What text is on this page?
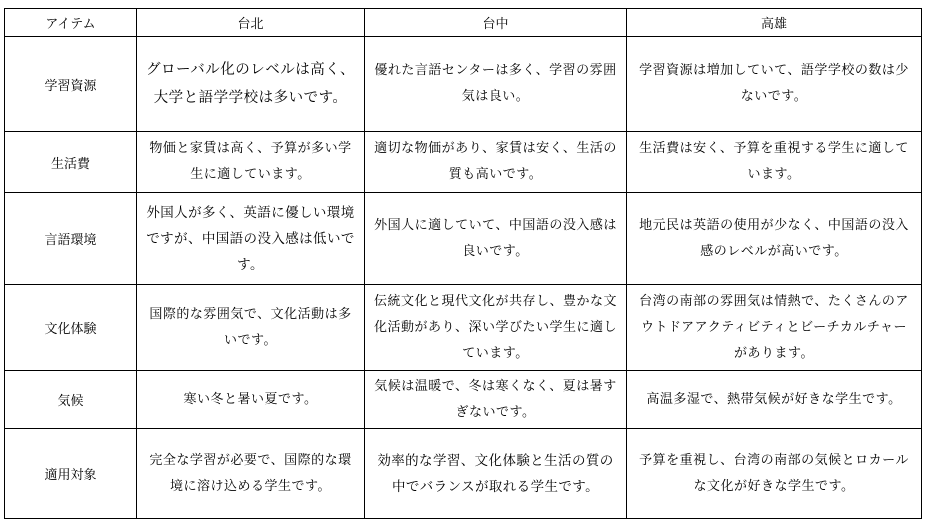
アイテム	台北	台中	高雄
学習資源	グローバル化のレベルは高く、大学と語学学校は多いです。	優れた言語センターは多く、学習の雰囲気は良い。	学習資源は増加していて、語学学校の数は少ないです。
生活費	物価と家賃は高く、予算が多い学生に適しています。	適切な物価があり、家賃は安く、生活の質も高いです。	生活費は安く、予算を重視する学生に適しています。
言語環境	外国人が多く、英語に優しい環境ですが、中国語の没入感は低いです。	外国人に適していて、中国語の没入感は良いです。	地元民は英語の使用が少なく、中国語の没入感のレベルが高いです。
文化体験	国際的な雰囲気で、文化活動は多いです。	伝統文化と現代文化が共存し、豊かな文化活動があり、深い学びたい学生に適しています。	台湾の南部の雰囲気は情熱で、たくさんのアウトドアアクティビティとビーチカルチャーがあります。
気候	寒い冬と暑い夏です。	気候は温暖で、冬は寒くなく、夏は暑すぎないです。	高温多湿で、熱帯気候が好きな学生です。
適用対象	完全な学習が必要で、国際的な環境に溶け込める学生です。	効率的な学習、文化体験と生活の質の中でバランスが取れる学生です。	予算を重視し、台湾の南部の気候とロカールな文化が好きな学生です。
